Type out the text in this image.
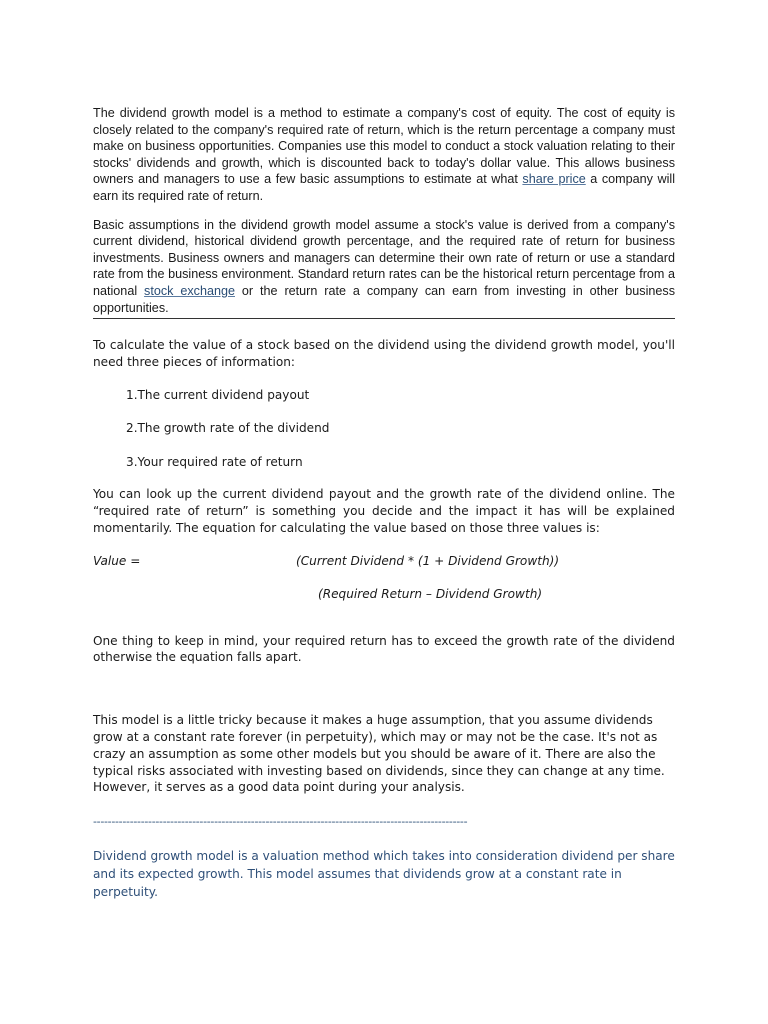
The dividend growth model is a method to estimate a company's cost of equity. The cost of equity is closely related to the company's required rate of return, which is the return percentage a company must make on business opportunities. Companies use this model to conduct a stock valuation relating to their stocks' dividends and growth, which is discounted back to today's dollar value. This allows business owners and managers to use a few basic assumptions to estimate at what share price a company will earn its required rate of return.

Basic assumptions in the dividend growth model assume a stock's value is derived from a company's current dividend, historical dividend growth percentage, and the required rate of return for business investments. Business owners and managers can determine their own rate of return or use a standard rate from the business environment. Standard return rates can be the historical return percentage from a national stock exchange or the return rate a company can earn from investing in other business opportunities.

To calculate the value of a stock based on the dividend using the dividend growth model, you'll need three pieces of information:

1.The current dividend payout
2.The growth rate of the dividend
3.Your required rate of return

You can look up the current dividend payout and the growth rate of the dividend online. The “required rate of return” is something you decide and the impact it has will be explained momentarily. The equation for calculating the value based on those three values is:

Value =	(Current Dividend * (1 + Dividend Growth))
(Required Return – Dividend Growth)

One thing to keep in mind, your required return has to exceed the growth rate of the dividend otherwise the equation falls apart.

This model is a little tricky because it makes a huge assumption, that you assume dividends grow at a constant rate forever (in perpetuity), which may or may not be the case. It's not as crazy an assumption as some other models but you should be aware of it. There are also the typical risks associated with investing based on dividends, since they can change at any time. However, it serves as a good data point during your analysis.

------------------------------------------------------------------------------------------------------

Dividend growth model is a valuation method which takes into consideration dividend per share and its expected growth. This model assumes that dividends grow at a constant rate in perpetuity.
